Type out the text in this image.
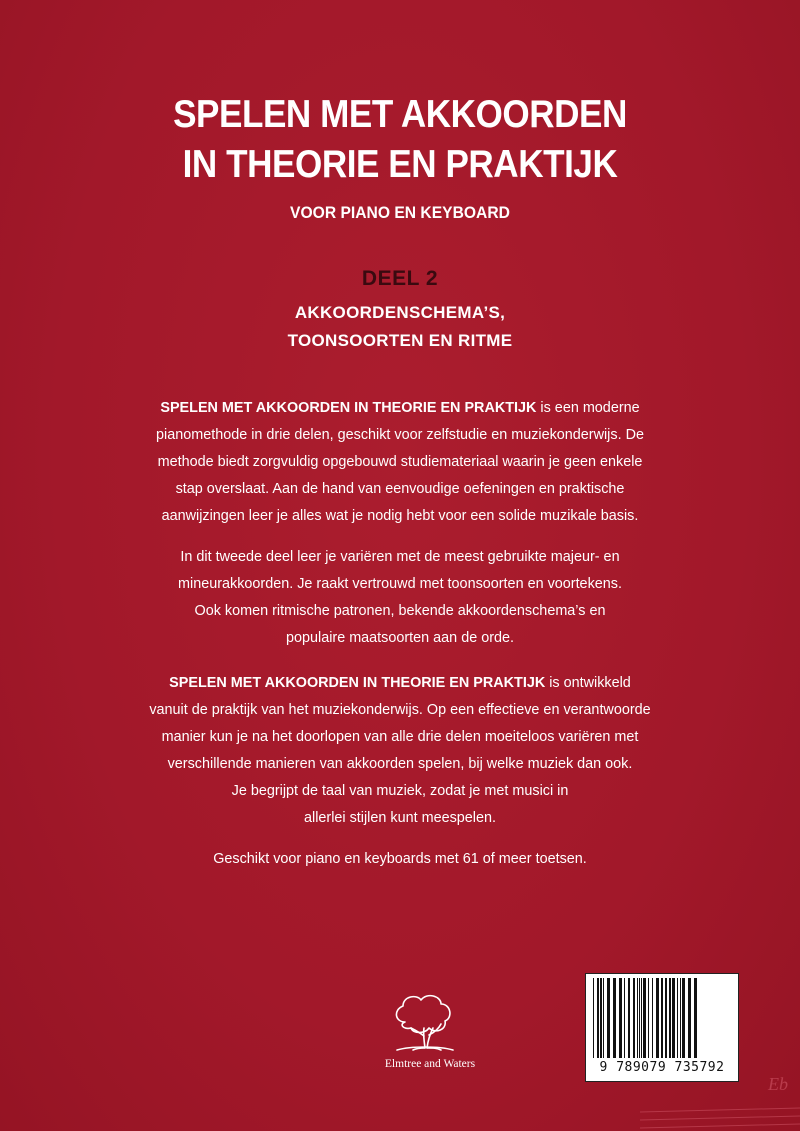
SPELEN MET AKKOORDEN
IN THEORIE EN PRAKTIJK
VOOR PIANO EN KEYBOARD
DEEL 2
AKKOORDENSCHEMA’S,
TOONSOORTEN EN RITME
SPELEN MET AKKOORDEN IN THEORIE EN PRAKTIJK is een moderne
pianomethode in drie delen, geschikt voor zelfstudie en muziekonderwijs. De
methode biedt zorgvuldig opgebouwd studiemateriaal waarin je geen enkele
stap overslaat. Aan de hand van eenvoudige oefeningen en praktische
aanwijzingen leer je alles wat je nodig hebt voor een solide muzikale basis.
In dit tweede deel leer je variëren met de meest gebruikte majeur- en
mineurakkoorden. Je raakt vertrouwd met toonsoorten en voortekens.
Ook komen ritmische patronen, bekende akkoordenschema’s en
populaire maatsoorten aan de orde.
SPELEN MET AKKOORDEN IN THEORIE EN PRAKTIJK is ontwikkeld
vanuit de praktijk van het muziekonderwijs. Op een effectieve en verantwoorde
manier kun je na het doorlopen van alle drie delen moeiteloos variëren met
verschillende manieren van akkoorden spelen, bij welke muziek dan ook.
Je begrijpt de taal van muziek, zodat je met musici in
allerlei stijlen kunt meespelen.
Geschikt voor piano en keyboards met 61 of meer toetsen.
Elmtree and Waters	9 789079 735792
Eb
